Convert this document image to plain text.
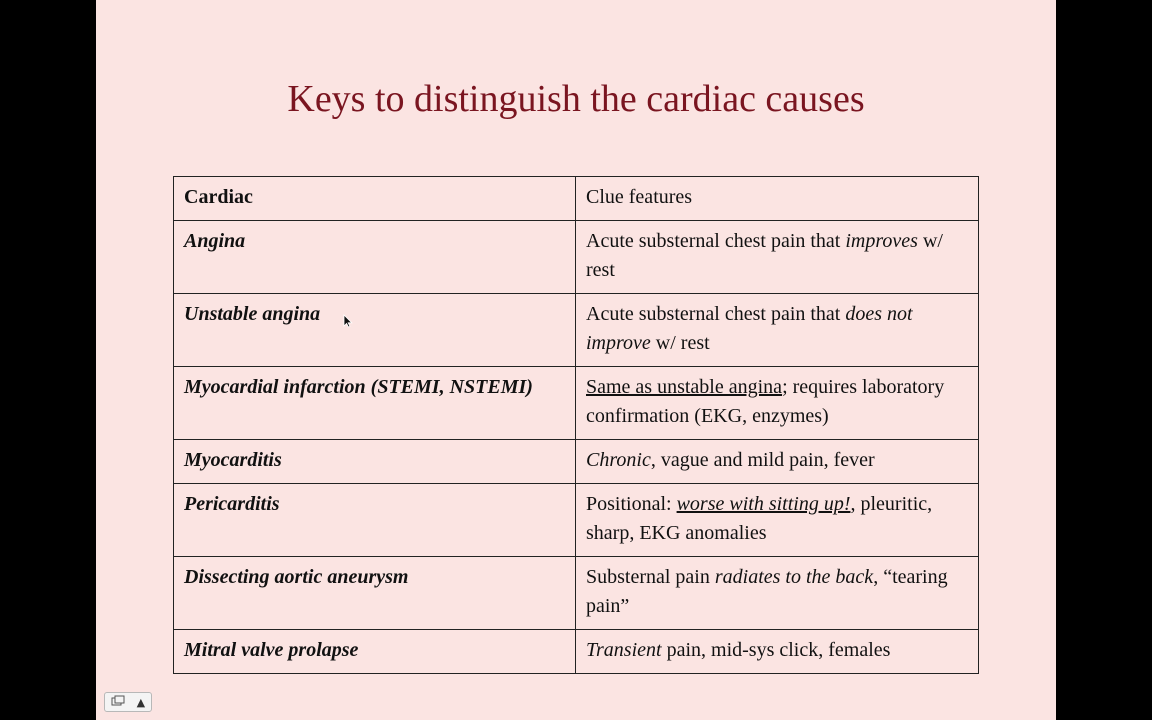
Keys to distinguish the cardiac causes
Cardiac	Clue features
Angina	Acute substernal chest pain that improves w/ rest
Unstable angina	Acute substernal chest pain that does not improve w/ rest
Myocardial infarction (STEMI, NSTEMI)	Same as unstable angina; requires laboratory confirmation (EKG, enzymes)
Myocarditis	Chronic, vague and mild pain, fever
Pericarditis	Positional: worse with sitting up!, pleuritic, sharp, EKG anomalies
Dissecting aortic aneurysm	Substernal pain radiates to the back, “tearing pain”
Mitral valve prolapse	Transient pain, mid-sys click, females
▲
